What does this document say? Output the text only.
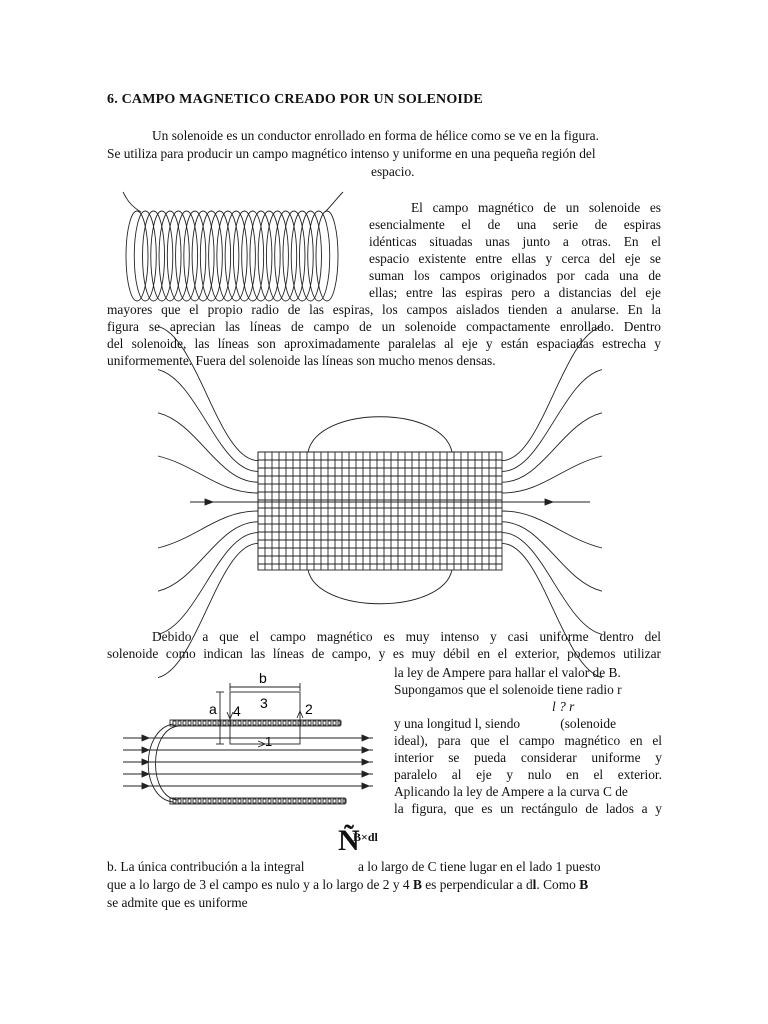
6. CAMPO MAGNETICO CREADO POR UN SOLENOIDE
Un solenoide es un conductor enrollado en forma de hélice como se ve en la figura.
Se utiliza para producir un campo magnético intenso y uniforme en una pequeña región del
espacio.
El campo magnético de un solenoide es
esencialmente el de una serie de espiras
idénticas situadas unas junto a otras. En el
espacio existente entre ellas y cerca del eje se
suman los campos originados por cada una de
ellas; entre las espiras pero a distancias del eje
mayores que el propio radio de las espiras, los campos aislados tienden a anularse. En la
figura se aprecian las líneas de campo de un solenoide compactamente enrollado. Dentro
del solenoide, las líneas son aproximadamente paralelas al eje y están espaciadas estrecha y
uniformemente. Fuera del solenoide las líneas son mucho menos densas.
Debido a que el campo magnético es muy intenso y casi uniforme dentro del
solenoide como indican las líneas de campo, y es muy débil en el exterior, podemos utilizar
la ley de Ampere para hallar el valor de B.
Supongamos que el solenoide tiene radio r
l ? r
y una longitud l, siendo            (solenoide
ideal), para que el campo magnético en el
interior se pueda considerar uniforme y
paralelo al eje y nulo en el exterior.
Aplicando la ley de Ampere a la curva C de
la figura, que es un rectángulo de lados a y
b
3
a 4	2
1
Ñ
B×dl
b. La única contribución a la integral                a lo largo de C tiene lugar en el lado 1 puesto
que a lo largo de 3 el campo es nulo y a lo largo de 2 y 4 B es perpendicular a dl. Como B
se admite que es uniforme
